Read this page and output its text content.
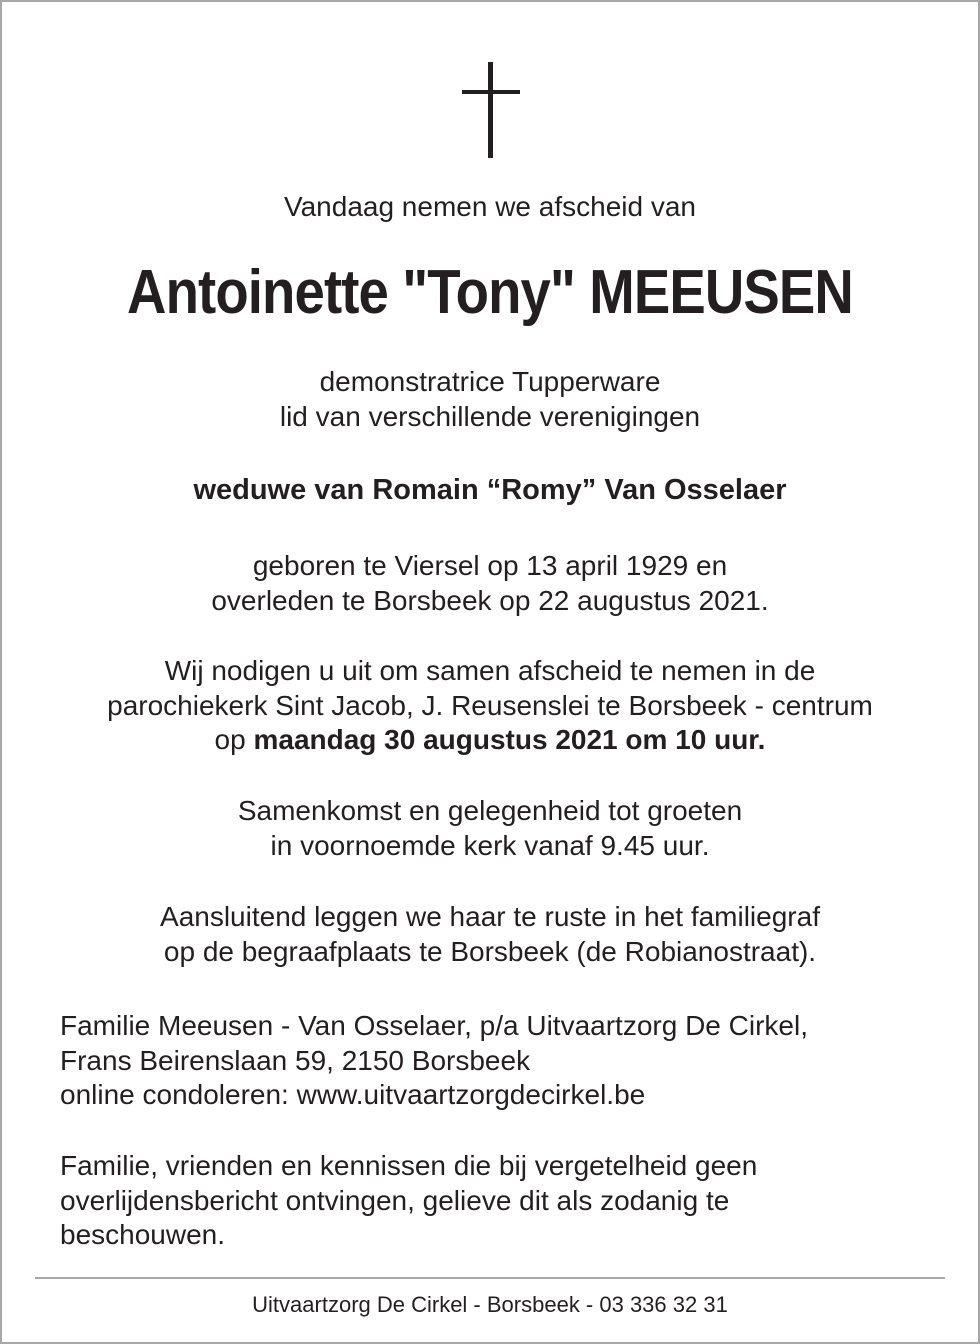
Vandaag nemen we afscheid van
Antoinette "Tony" MEEUSEN
demonstratrice Tupperware
lid van verschillende verenigingen
weduwe van Romain “Romy” Van Osselaer
geboren te Viersel op 13 april 1929 en
overleden te Borsbeek op 22 augustus 2021.
Wij nodigen u uit om samen afscheid te nemen in de
parochiekerk Sint Jacob, J. Reusenslei te Borsbeek - centrum
op maandag 30 augustus 2021 om 10 uur.
Samenkomst en gelegenheid tot groeten
in voornoemde kerk vanaf 9.45 uur.
Aansluitend leggen we haar te ruste in het familiegraf
op de begraafplaats te Borsbeek (de Robianostraat).
Familie Meeusen - Van Osselaer, p/a Uitvaartzorg De Cirkel,
Frans Beirenslaan 59, 2150 Borsbeek
online condoleren: www.uitvaartzorgdecirkel.be
Familie, vrienden en kennissen die bij vergetelheid geen
overlijdensbericht ontvingen, gelieve dit als zodanig te
beschouwen.
Uitvaartzorg De Cirkel - Borsbeek - 03 336 32 31
